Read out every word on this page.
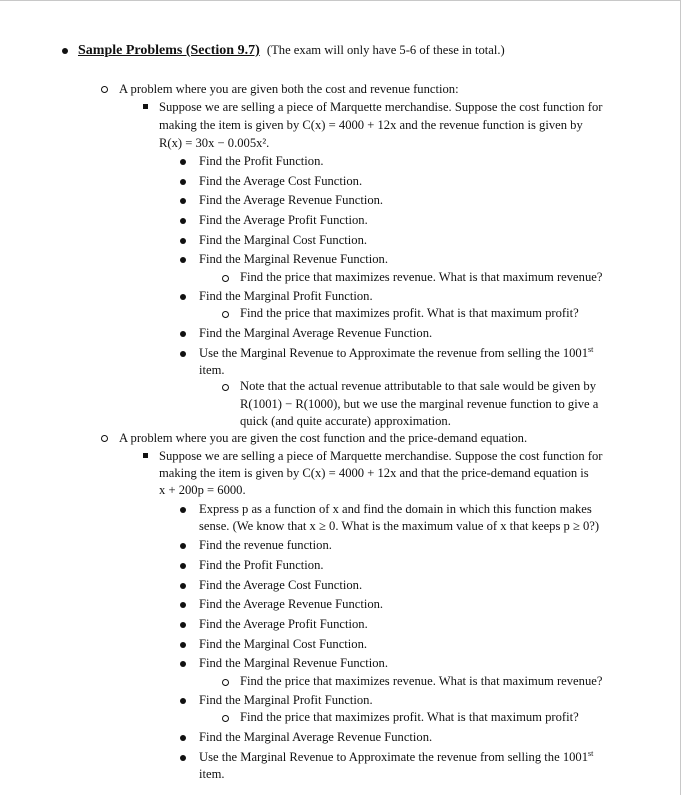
Sample Problems (Section 9.7) (The exam will only have 5-6 of these in total.)
A problem where you are given both the cost and revenue function:
Suppose we are selling a piece of Marquette merchandise. Suppose the cost function for
making the item is given by C(x) = 4000 + 12x and the revenue function is given by
R(x) = 30x − 0.005x².
Find the Profit Function.
Find the Average Cost Function.
Find the Average Revenue Function.
Find the Average Profit Function.
Find the Marginal Cost Function.
Find the Marginal Revenue Function.
Find the price that maximizes revenue. What is that maximum revenue?
Find the Marginal Profit Function.
Find the price that maximizes profit. What is that maximum profit?
Find the Marginal Average Revenue Function.
Use the Marginal Revenue to Approximate the revenue from selling the 1001st
item.
Note that the actual revenue attributable to that sale would be given by
R(1001) − R(1000), but we use the marginal revenue function to give a
quick (and quite accurate) approximation.
A problem where you are given the cost function and the price-demand equation.
Suppose we are selling a piece of Marquette merchandise. Suppose the cost function for
making the item is given by C(x) = 4000 + 12x and that the price-demand equation is
x + 200p = 6000.
Express p as a function of x and find the domain in which this function makes
sense. (We know that x ≥ 0. What is the maximum value of x that keeps p ≥ 0?)
Find the revenue function.
Find the Profit Function.
Find the Average Cost Function.
Find the Average Revenue Function.
Find the Average Profit Function.
Find the Marginal Cost Function.
Find the Marginal Revenue Function.
Find the price that maximizes revenue. What is that maximum revenue?
Find the Marginal Profit Function.
Find the price that maximizes profit. What is that maximum profit?
Find the Marginal Average Revenue Function.
Use the Marginal Revenue to Approximate the revenue from selling the 1001st
item.
